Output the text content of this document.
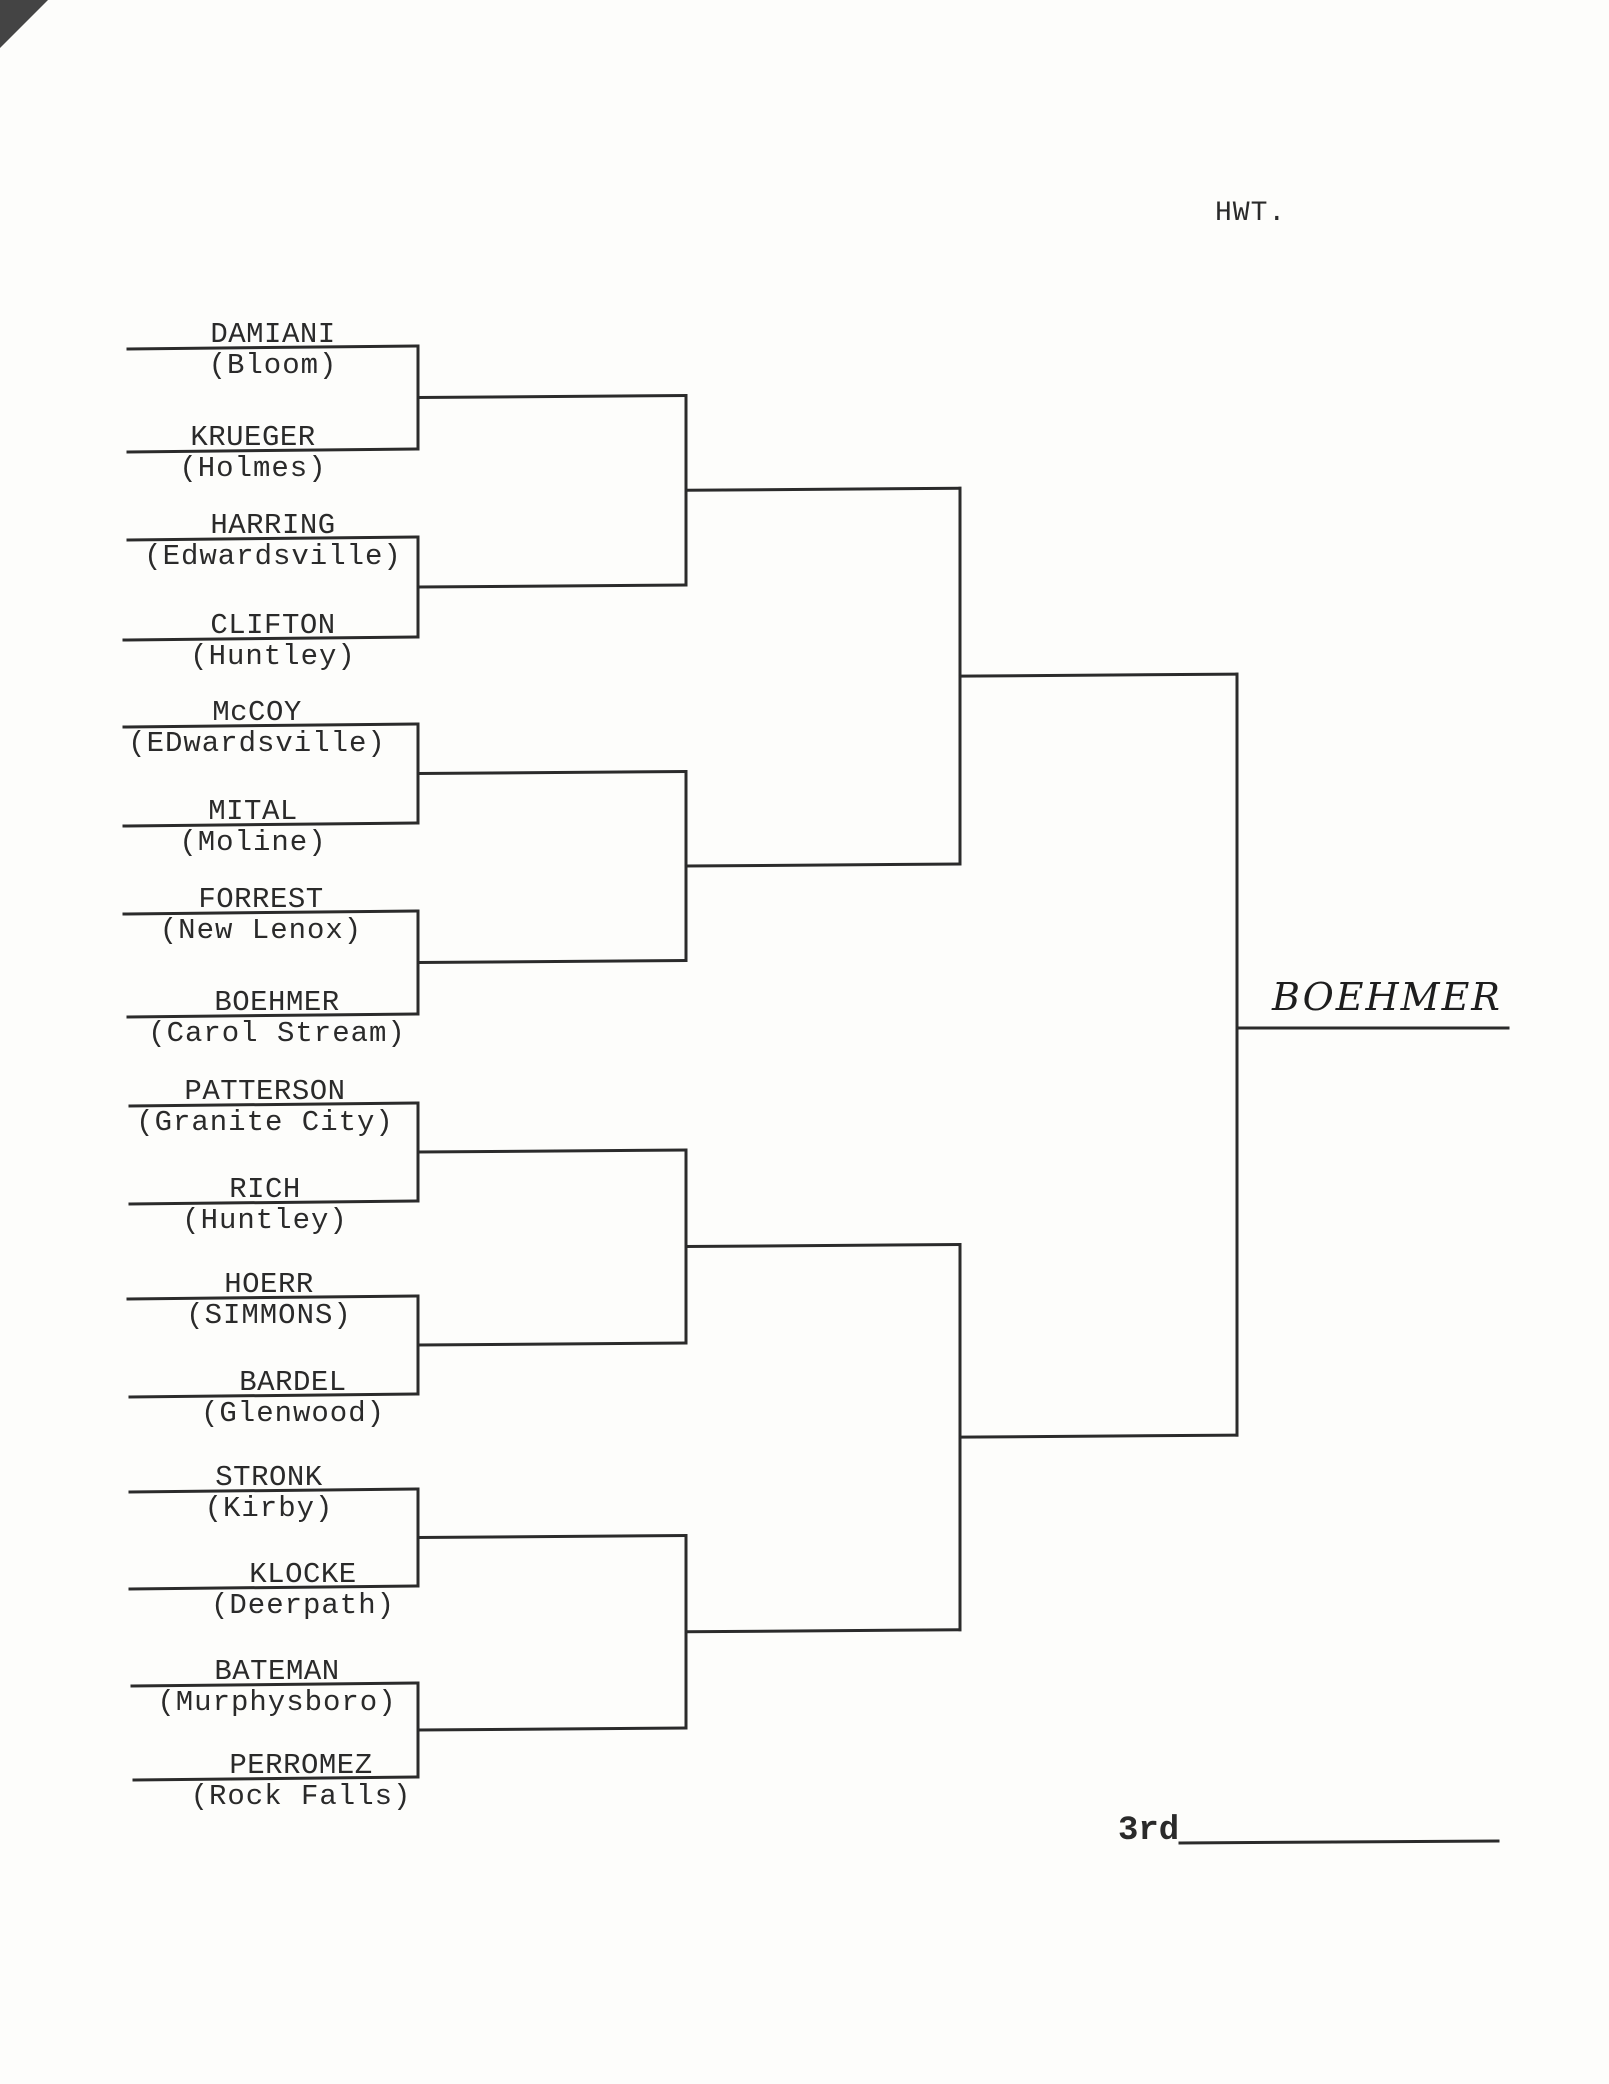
HWT.
DAMIANI
(Bloom)
KRUEGER
(Holmes)
HARRING
(Edwardsville)
CLIFTON
(Huntley)
McCOY
(EDwardsville)
MITAL
(Moline)
FORREST
(New Lenox)
BOEHMER
(Carol Stream)
PATTERSON
(Granite City)
RICH
(Huntley)
HOERR
(SIMMONS)
BARDEL
(Glenwood)
STRONK
(Kirby)
KLOCKE
(Deerpath)
BATEMAN
(Murphysboro)
PERROMEZ
(Rock Falls)
BOEHMER
3rd
